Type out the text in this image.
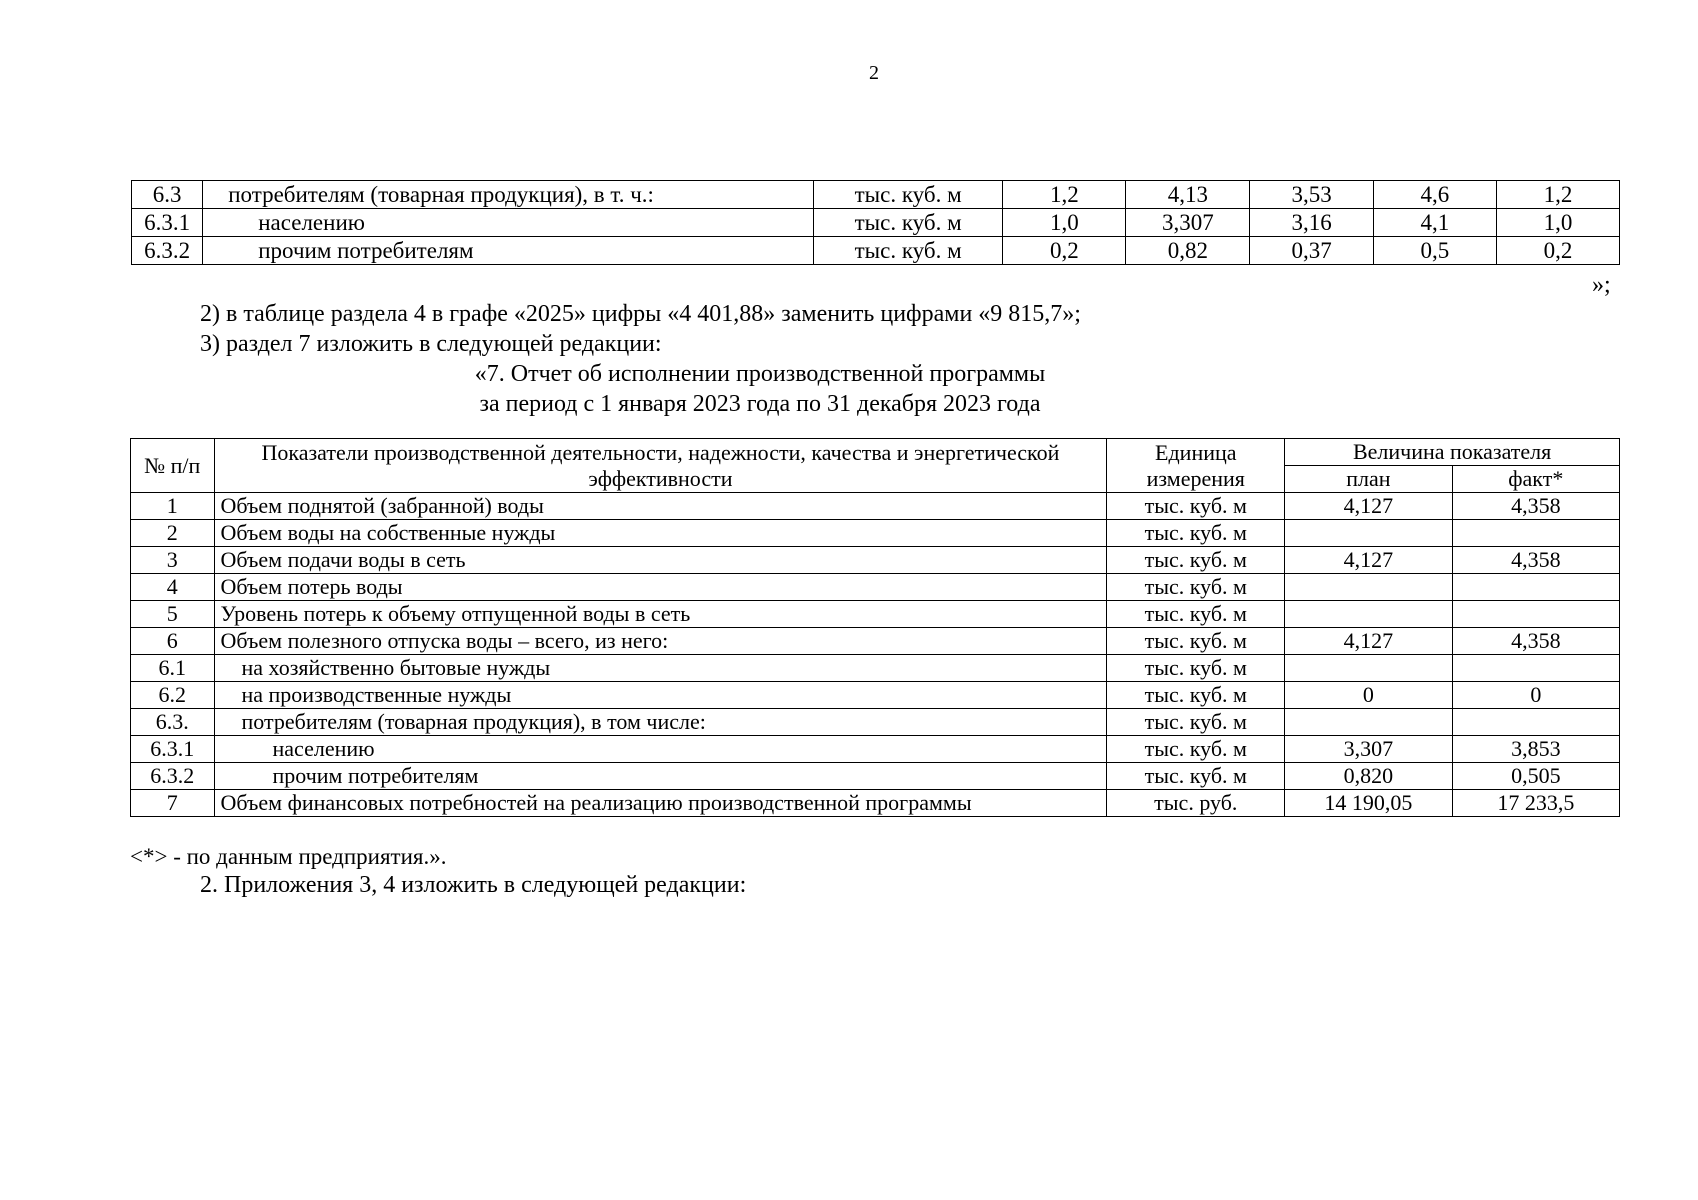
2
6.3	потребителям (товарная продукция), в т. ч.:	тыс. куб. м	1,2	4,13	3,53	4,6	1,2
6.3.1	населению	тыс. куб. м	1,0	3,307	3,16	4,1	1,0
6.3.2	прочим потребителям	тыс. куб. м	0,2	0,82	0,37	0,5	0,2
»;
2) в таблице раздела 4 в графе «2025» цифры «4 401,88» заменить цифрами «9 815,7»;
3) раздел 7 изложить в следующей редакции:
«7. Отчет об исполнении производственной программы
за период с 1 января 2023 года по 31 декабря 2023 года
№ п/п	Показатели производственной деятельности, надежности, качества и энергетической эффективности	Единица измерения	Величина показателя	
			план	факт*
1	Объем поднятой (забранной) воды	тыс. куб. м	4,127	4,358
2	Объем воды на собственные нужды	тыс. куб. м		
3	Объем подачи воды в сеть	тыс. куб. м	4,127	4,358
4	Объем потерь воды	тыс. куб. м		
5	Уровень потерь к объему отпущенной воды в сеть	тыс. куб. м		
6	Объем полезного отпуска воды – всего, из него:	тыс. куб. м	4,127	4,358
6.1	на хозяйственно бытовые нужды	тыс. куб. м		
6.2	на производственные нужды	тыс. куб. м	0	0
6.3.	потребителям (товарная продукция), в том числе:	тыс. куб. м		
6.3.1	населению	тыс. куб. м	3,307	3,853
6.3.2	прочим потребителям	тыс. куб. м	0,820	0,505
7	Объем финансовых потребностей на реализацию производственной программы	тыс. руб.	14 190,05	17 233,5
<*> - по данным предприятия.».
2. Приложения 3, 4 изложить в следующей редакции:
